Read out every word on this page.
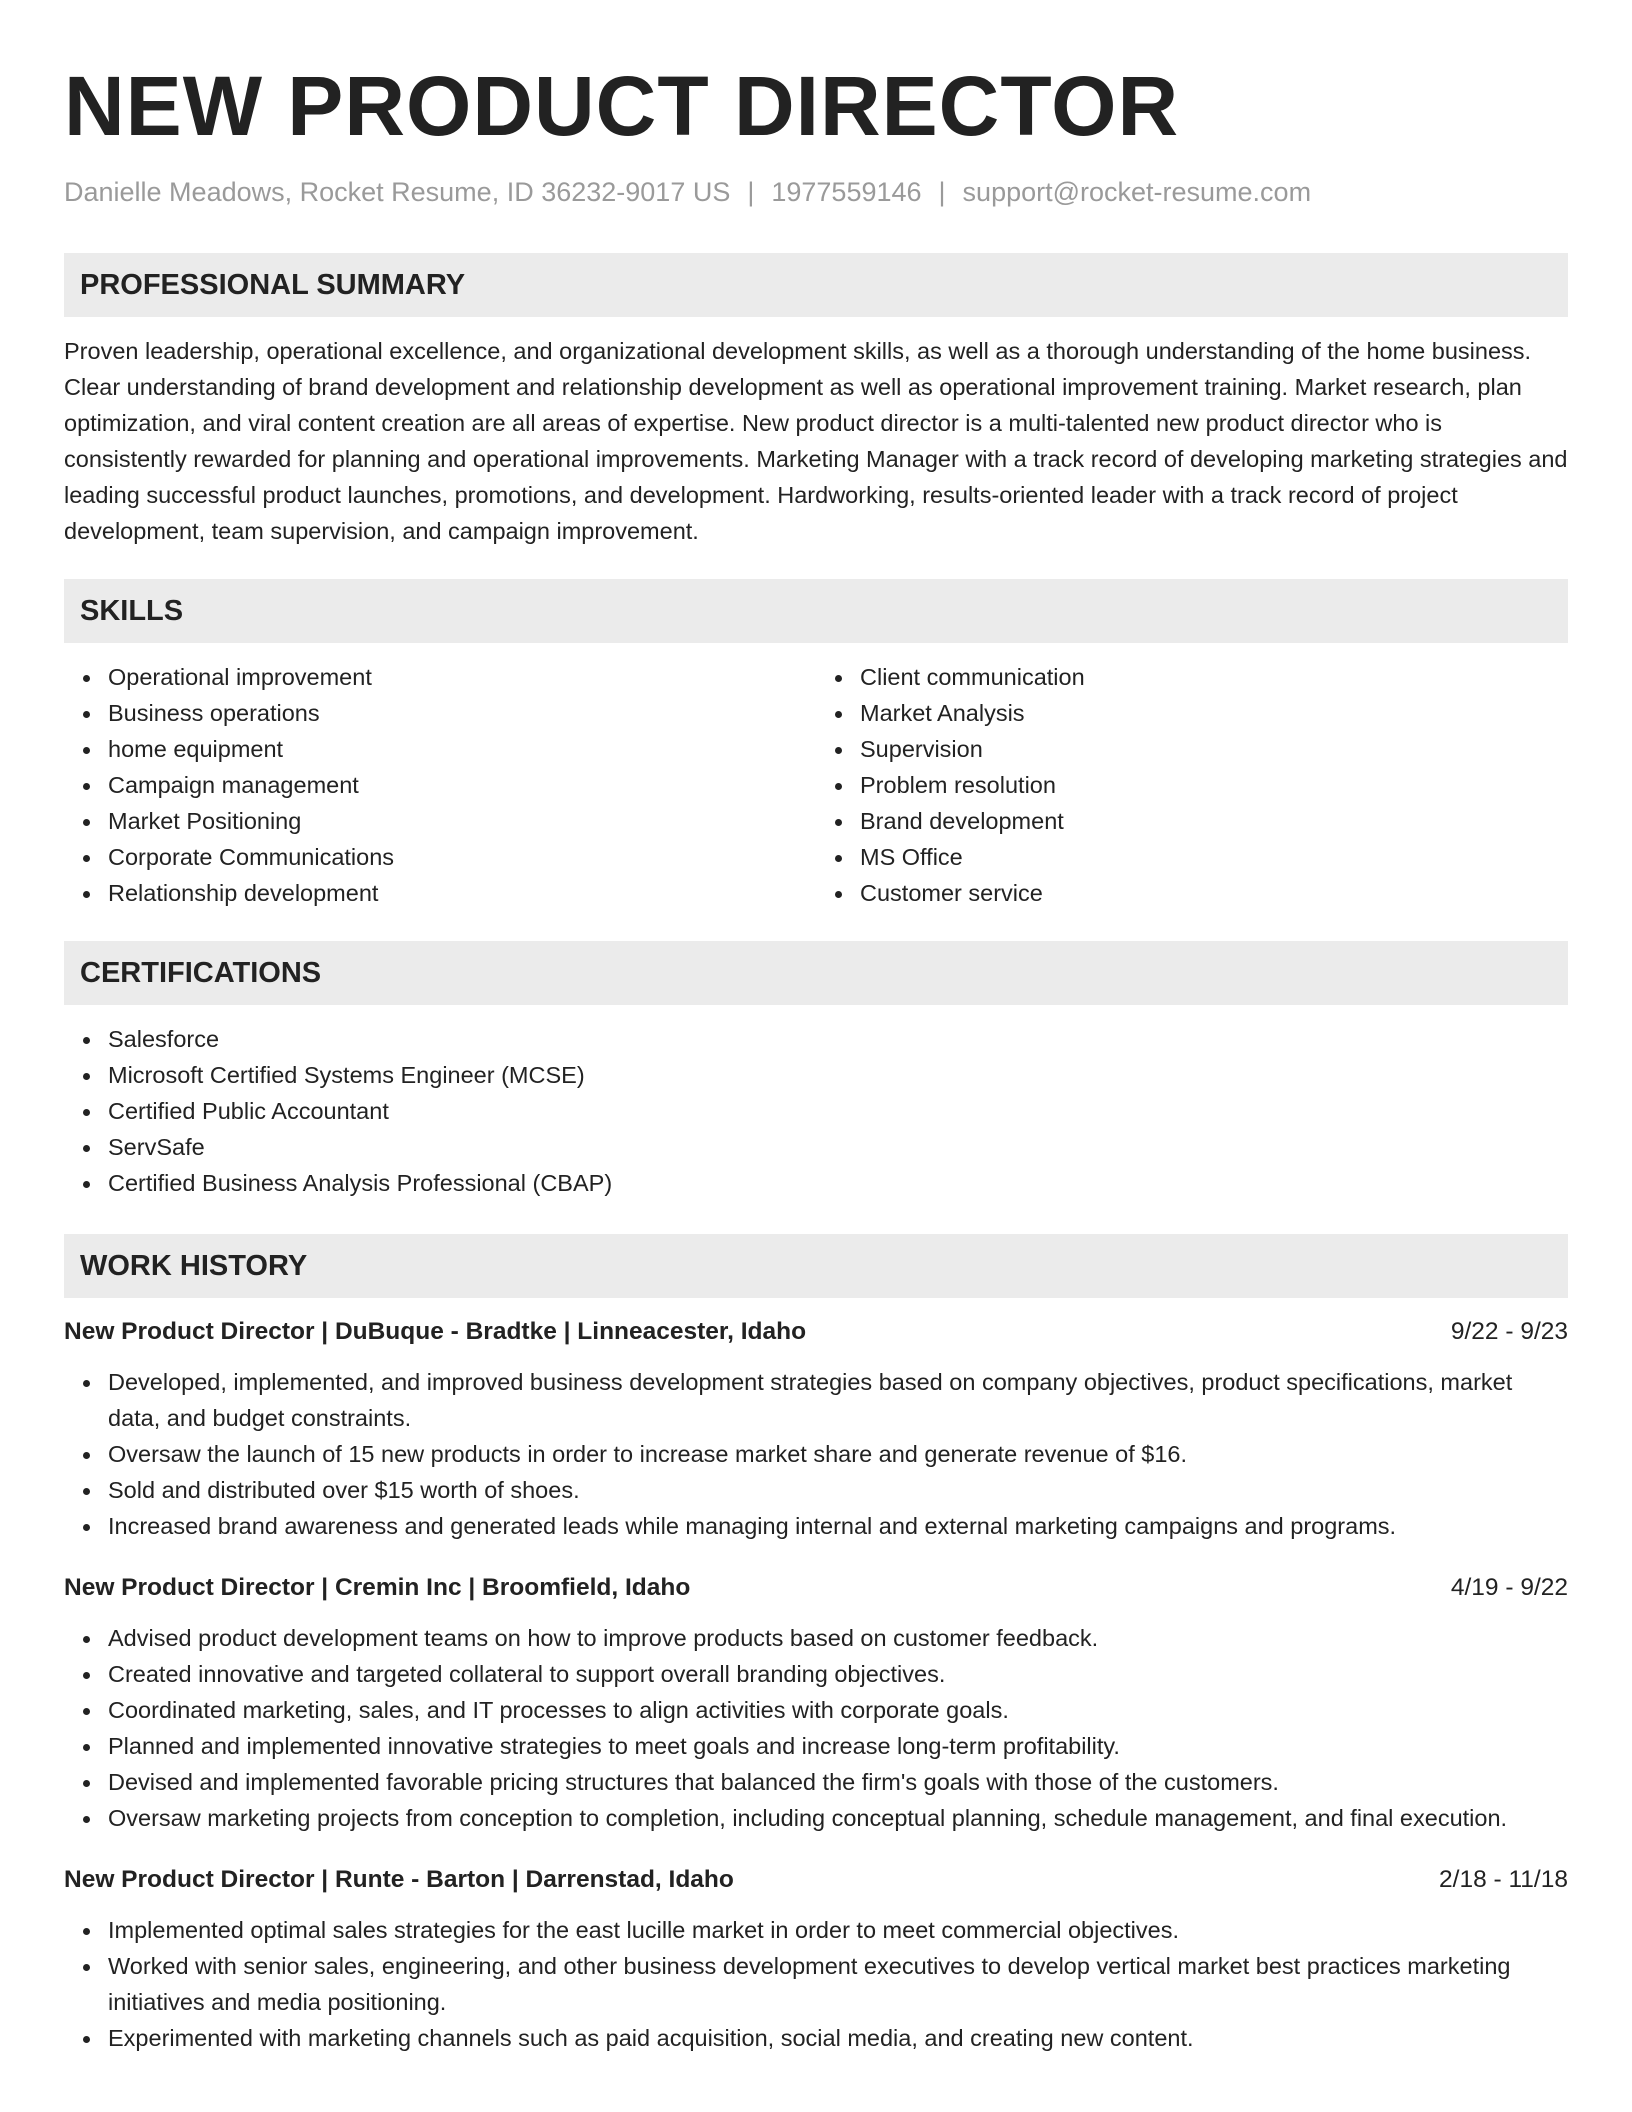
NEW PRODUCT DIRECTOR
Danielle Meadows, Rocket Resume, ID 36232-9017 US | 1977559146 | support@rocket-resume.com
PROFESSIONAL SUMMARY
Proven leadership, operational excellence, and organizational development skills, as well as a thorough understanding of the home business. Clear understanding of brand development and relationship development as well as operational improvement training. Market research, plan optimization, and viral content creation are all areas of expertise. New product director is a multi-talented new product director who is consistently rewarded for planning and operational improvements. Marketing Manager with a track record of developing marketing strategies and leading successful product launches, promotions, and development. Hardworking, results-oriented leader with a track record of project development, team supervision, and campaign improvement.
SKILLS
Operational improvement
Business operations
home equipment
Campaign management
Market Positioning
Corporate Communications
Relationship development
Client communication
Market Analysis
Supervision
Problem resolution
Brand development
MS Office
Customer service
CERTIFICATIONS
Salesforce
Microsoft Certified Systems Engineer (MCSE)
Certified Public Accountant
ServSafe
Certified Business Analysis Professional (CBAP)
WORK HISTORY
New Product Director | DuBuque - Bradtke | Linneacester, Idaho	9/22 - 9/23
Developed, implemented, and improved business development strategies based on company objectives, product specifications, market data, and budget constraints.
Oversaw the launch of 15 new products in order to increase market share and generate revenue of $16.
Sold and distributed over $15 worth of shoes.
Increased brand awareness and generated leads while managing internal and external marketing campaigns and programs.
New Product Director | Cremin Inc | Broomfield, Idaho	4/19 - 9/22
Advised product development teams on how to improve products based on customer feedback.
Created innovative and targeted collateral to support overall branding objectives.
Coordinated marketing, sales, and IT processes to align activities with corporate goals.
Planned and implemented innovative strategies to meet goals and increase long-term profitability.
Devised and implemented favorable pricing structures that balanced the firm's goals with those of the customers.
Oversaw marketing projects from conception to completion, including conceptual planning, schedule management, and final execution.
New Product Director | Runte - Barton | Darrenstad, Idaho	2/18 - 11/18
Implemented optimal sales strategies for the east lucille market in order to meet commercial objectives.
Worked with senior sales, engineering, and other business development executives to develop vertical market best practices marketing initiatives and media positioning.
Experimented with marketing channels such as paid acquisition, social media, and creating new content.
